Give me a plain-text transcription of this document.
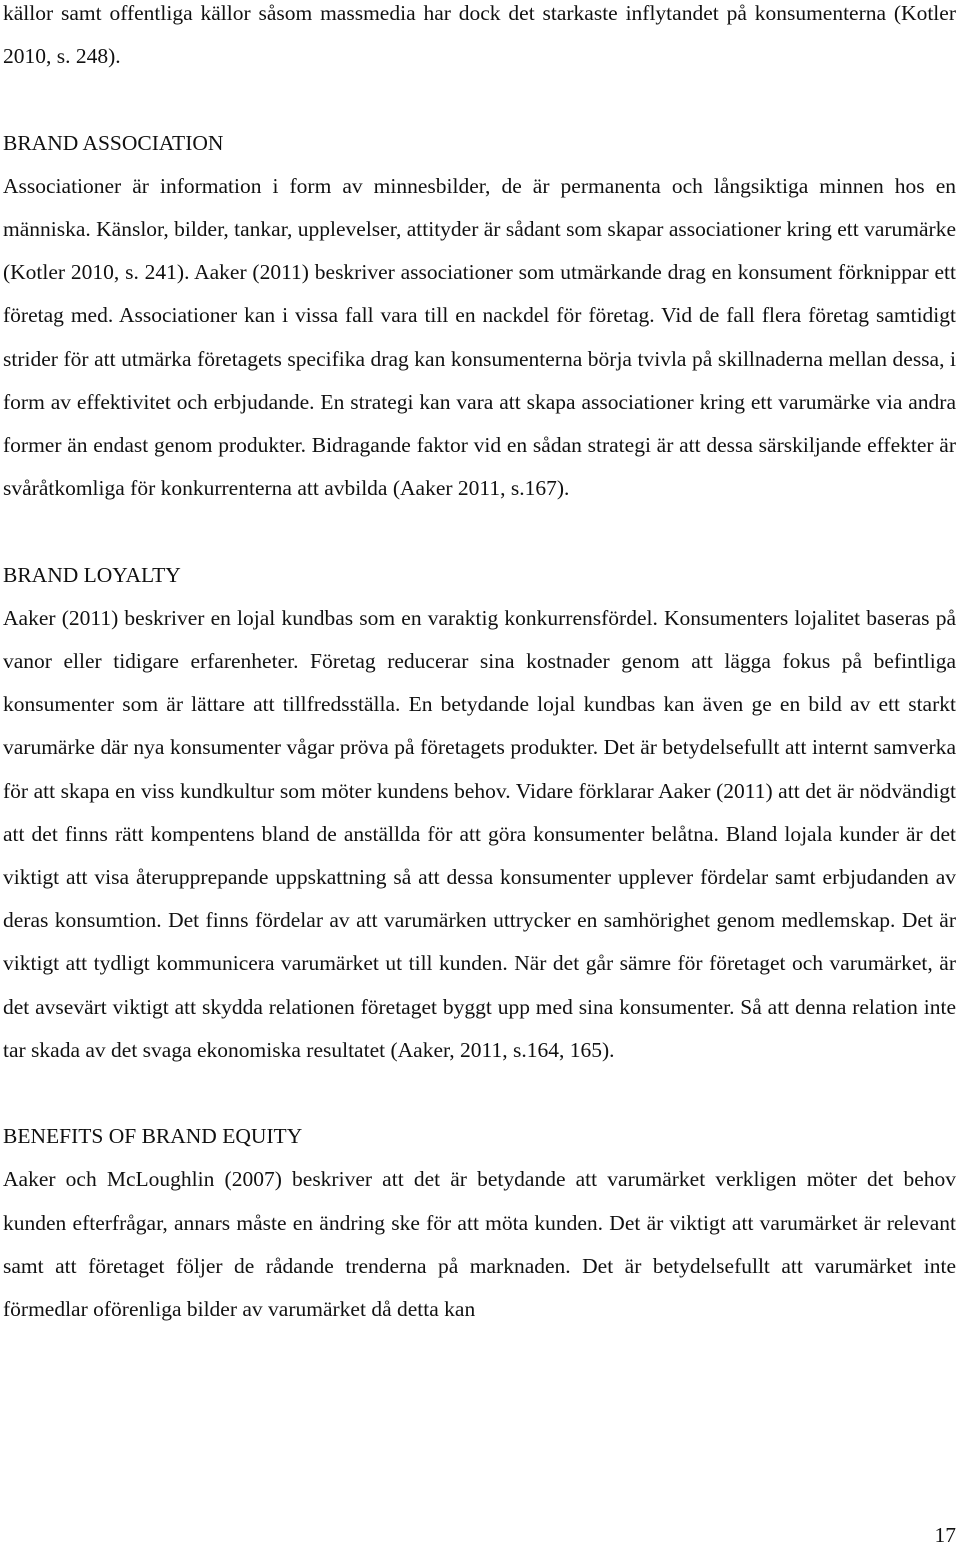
källor samt offentliga källor såsom massmedia har dock det starkaste inflytandet på konsumenterna (Kotler 2010, s. 248).

BRAND ASSOCIATION

Associationer är information i form av minnesbilder, de är permanenta och långsiktiga minnen hos en människa. Känslor, bilder, tankar, upplevelser, attityder är sådant som skapar associationer kring ett varumärke (Kotler 2010, s. 241). Aaker (2011) beskriver associationer som utmärkande drag en konsument förknippar ett företag med. Associationer kan i vissa fall vara till en nackdel för företag. Vid de fall flera företag samtidigt strider för att utmärka företagets specifika drag kan konsumenterna börja tvivla på skillnaderna mellan dessa, i form av effektivitet och erbjudande. En strategi kan vara att skapa associationer kring ett varumärke via andra former än endast genom produkter. Bidragande faktor vid en sådan strategi är att dessa särskiljande effekter är svåråtkomliga för konkurrenterna att avbilda (Aaker 2011, s.167).

BRAND LOYALTY

Aaker (2011) beskriver en lojal kundbas som en varaktig konkurrensfördel. Konsumenters lojalitet baseras på vanor eller tidigare erfarenheter. Företag reducerar sina kostnader genom att lägga fokus på befintliga konsumenter som är lättare att tillfredsställa. En betydande lojal kundbas kan även ge en bild av ett starkt varumärke där nya konsumenter vågar pröva på företagets produkter. Det är betydelsefullt att internt samverka för att skapa en viss kundkultur som möter kundens behov. Vidare förklarar Aaker (2011) att det är nödvändigt att det finns rätt kompentens bland de anställda för att göra konsumenter belåtna. Bland lojala kunder är det viktigt att visa återupprepande uppskattning så att dessa konsumenter upplever fördelar samt erbjudanden av deras konsumtion. Det finns fördelar av att varumärken uttrycker en samhörighet genom medlemskap. Det är viktigt att tydligt kommunicera varumärket ut till kunden. När det går sämre för företaget och varumärket, är det avsevärt viktigt att skydda relationen företaget byggt upp med sina konsumenter. Så att denna relation inte tar skada av det svaga ekonomiska resultatet (Aaker, 2011, s.164, 165).

BENEFITS OF BRAND EQUITY

Aaker och McLoughlin (2007) beskriver att det är betydande att varumärket verkligen möter det behov kunden efterfrågar, annars måste en ändring ske för att möta kunden. Det är viktigt att varumärket är relevant samt att företaget följer de rådande trenderna på marknaden. Det är betydelsefullt att varumärket inte förmedlar oförenliga bilder av varumärket då detta kan

17
